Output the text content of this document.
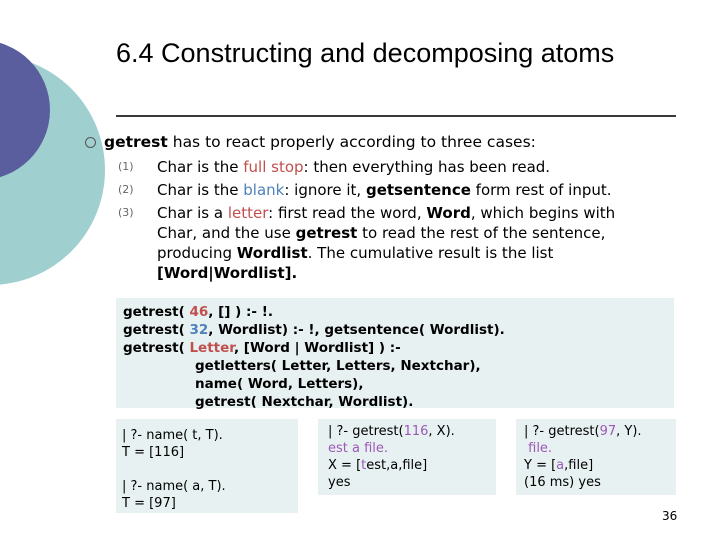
6.4 Constructing and decomposing atoms
getrest has to react properly according to three cases:
(1) Char is the full stop: then everything has been read.
(2) Char is the blank: ignore it, getsentence form rest of input.
(3) Char is a letter: first read the word, Word, which begins with
Char, and the use getrest to read the rest of the sentence,
producing Wordlist. The cumulative result is the list
[Word|Wordlist].
getrest( 46, [] ) :- !.
getrest( 32, Wordlist) :- !, getsentence( Wordlist).
getrest( Letter, [Word | Wordlist] ) :-
getletters( Letter, Letters, Nextchar),
name( Word, Letters),
getrest( Nextchar, Wordlist).

| ?- name( t, T).

T = [116]

| ?- name( a, T).

T = [97]

| ?- getrest(116, X).

est a file.

X = [test,a,file]

yes

| ?- getrest(97, Y).

file.

Y = [a,file]

(16 ms) yes

36
